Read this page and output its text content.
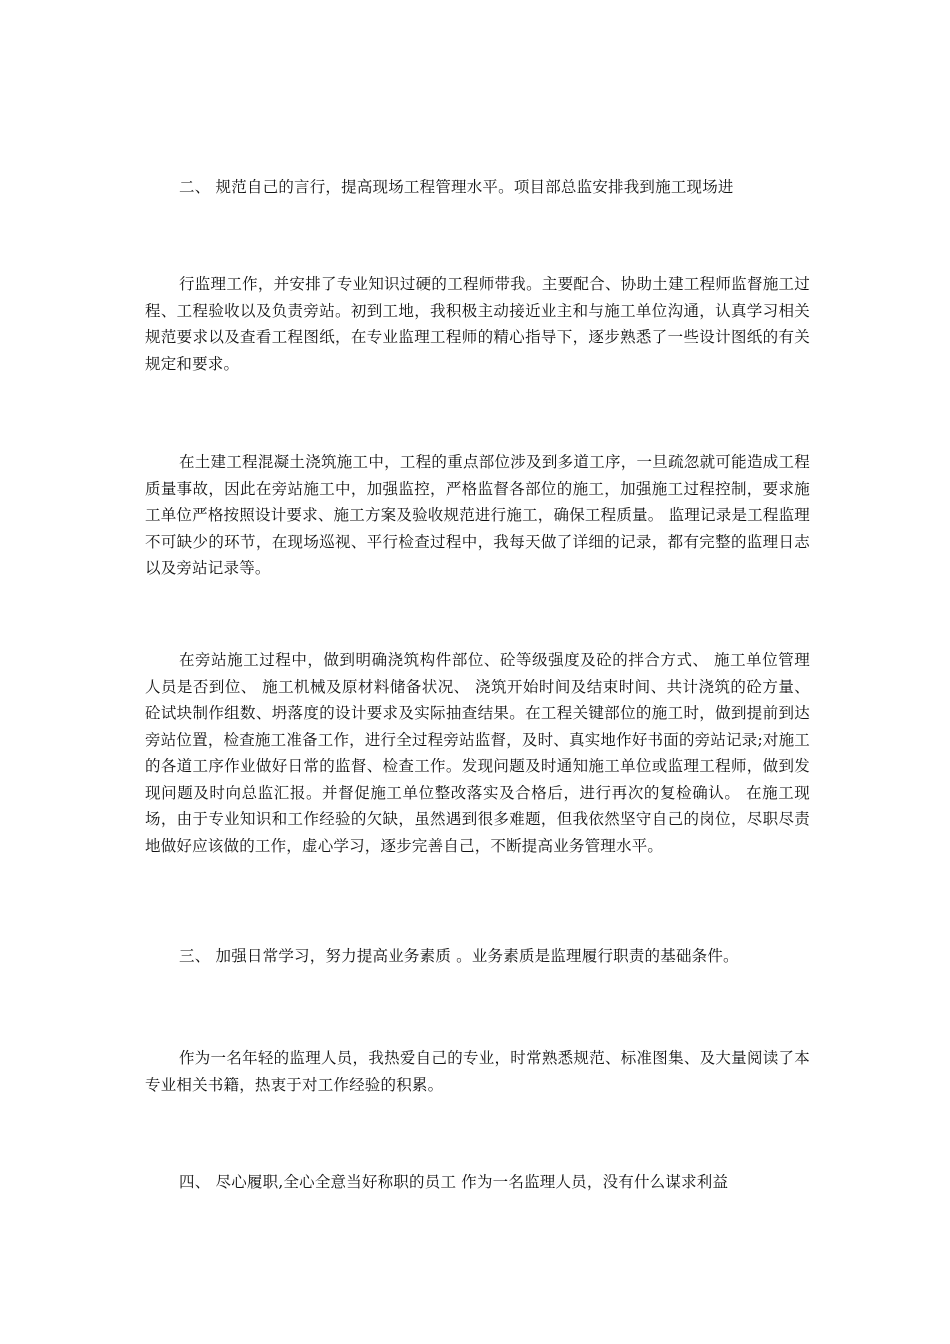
二、 规范自己的言行，提高现场工程管理水平。项目部总监安排我到施工现场进

行监理工作，并安排了专业知识过硬的工程师带我。主要配合、协助土建工程师监督施工过程、工程验收以及负责旁站。初到工地，我积极主动接近业主和与施工单位沟通，认真学习相关规范要求以及查看工程图纸，在专业监理工程师的精心指导下，逐步熟悉了一些设计图纸的有关规定和要求。

在土建工程混凝土浇筑施工中，工程的重点部位涉及到多道工序，一旦疏忽就可能造成工程质量事故，因此在旁站施工中，加强监控，严格监督各部位的施工，加强施工过程控制，要求施工单位严格按照设计要求、施工方案及验收规范进行施工，确保工程质量。 监理记录是工程监理不可缺少的环节，在现场巡视、平行检查过程中，我每天做了详细的记录，都有完整的监理日志以及旁站记录等。

在旁站施工过程中，做到明确浇筑构件部位、砼等级强度及砼的拌合方式、 施工单位管理人员是否到位、 施工机械及原材料储备状况、 浇筑开始时间及结束时间、共计浇筑的砼方量、砼试块制作组数、坍落度的设计要求及实际抽查结果。在工程关键部位的施工时，做到提前到达旁站位置，检查施工准备工作，进行全过程旁站监督，及时、真实地作好书面的旁站记录;对施工的各道工序作业做好日常的监督、检查工作。发现问题及时通知施工单位或监理工程师，做到发现问题及时向总监汇报。并督促施工单位整改落实及合格后，进行再次的复检确认。 在施工现场，由于专业知识和工作经验的欠缺，虽然遇到很多难题，但我依然坚守自己的岗位，尽职尽责地做好应该做的工作，虚心学习，逐步完善自己，不断提高业务管理水平。

三、 加强日常学习，努力提高业务素质 。业务素质是监理履行职责的基础条件。

作为一名年轻的监理人员，我热爱自己的专业，时常熟悉规范、标准图集、及大量阅读了本专业相关书籍，热衷于对工作经验的积累。

四、 尽心履职,全心全意当好称职的员工 作为一名监理人员，没有什么谋求利益
